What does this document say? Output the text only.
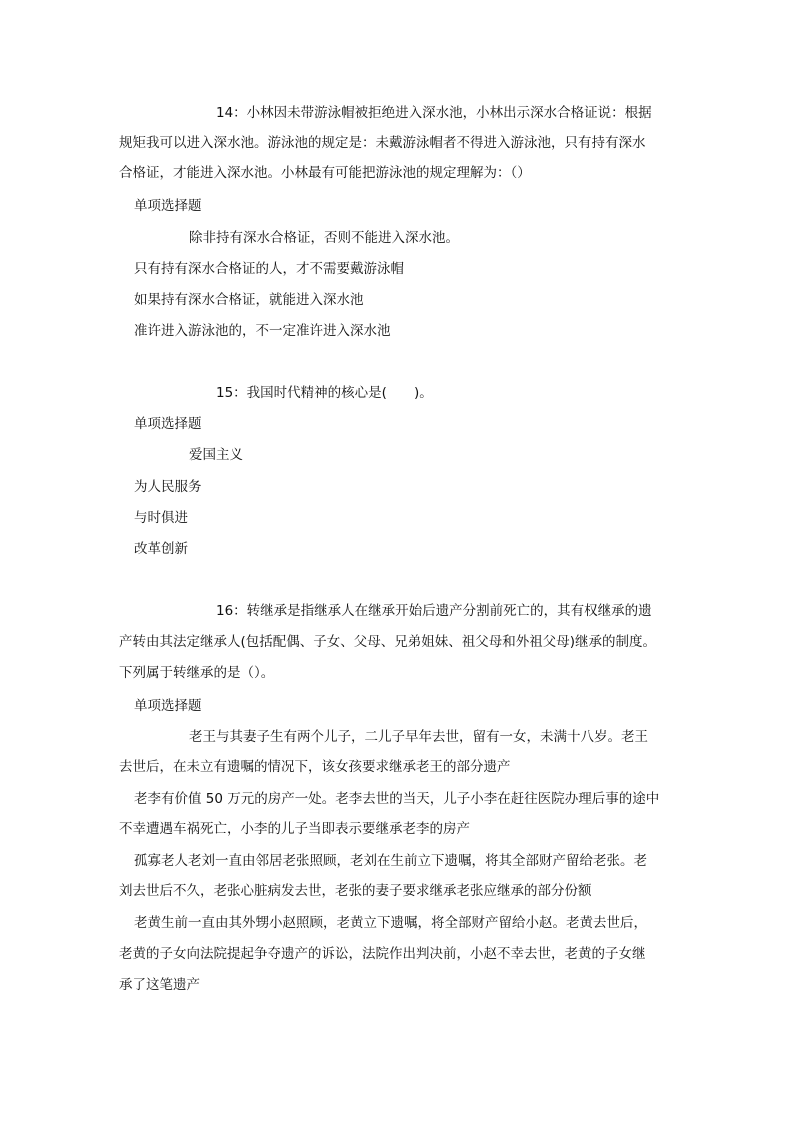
14：小林因未带游泳帽被拒绝进入深水池，小林出示深水合格证说：根据
规矩我可以进入深水池。游泳池的规定是：未戴游泳帽者不得进入游泳池，只有持有深水
合格证，才能进入深水池。小林最有可能把游泳池的规定理解为：（）
单项选择题
除非持有深水合格证，否则不能进入深水池。
只有持有深水合格证的人，才不需要戴游泳帽
如果持有深水合格证，就能进入深水池
准许进入游泳池的，不一定准许进入深水池
15：我国时代精神的核心是(　　)。
单项选择题
爱国主义
为人民服务
与时俱进
改革创新
16：转继承是指继承人在继承开始后遗产分割前死亡的，其有权继承的遗
产转由其法定继承人(包括配偶、子女、父母、兄弟姐妹、祖父母和外祖父母)继承的制度。
下列属于转继承的是（）。
单项选择题
老王与其妻子生有两个儿子，二儿子早年去世，留有一女，未满十八岁。老王
去世后，在未立有遗嘱的情况下，该女孩要求继承老王的部分遗产
老李有价值 50 万元的房产一处。老李去世的当天，儿子小李在赶往医院办理后事的途中
不幸遭遇车祸死亡，小李的儿子当即表示要继承老李的房产
孤寡老人老刘一直由邻居老张照顾，老刘在生前立下遗嘱，将其全部财产留给老张。老
刘去世后不久，老张心脏病发去世，老张的妻子要求继承老张应继承的部分份额
老黄生前一直由其外甥小赵照顾，老黄立下遗嘱，将全部财产留给小赵。老黄去世后，
老黄的子女向法院提起争夺遗产的诉讼，法院作出判决前，小赵不幸去世，老黄的子女继
承了这笔遗产
